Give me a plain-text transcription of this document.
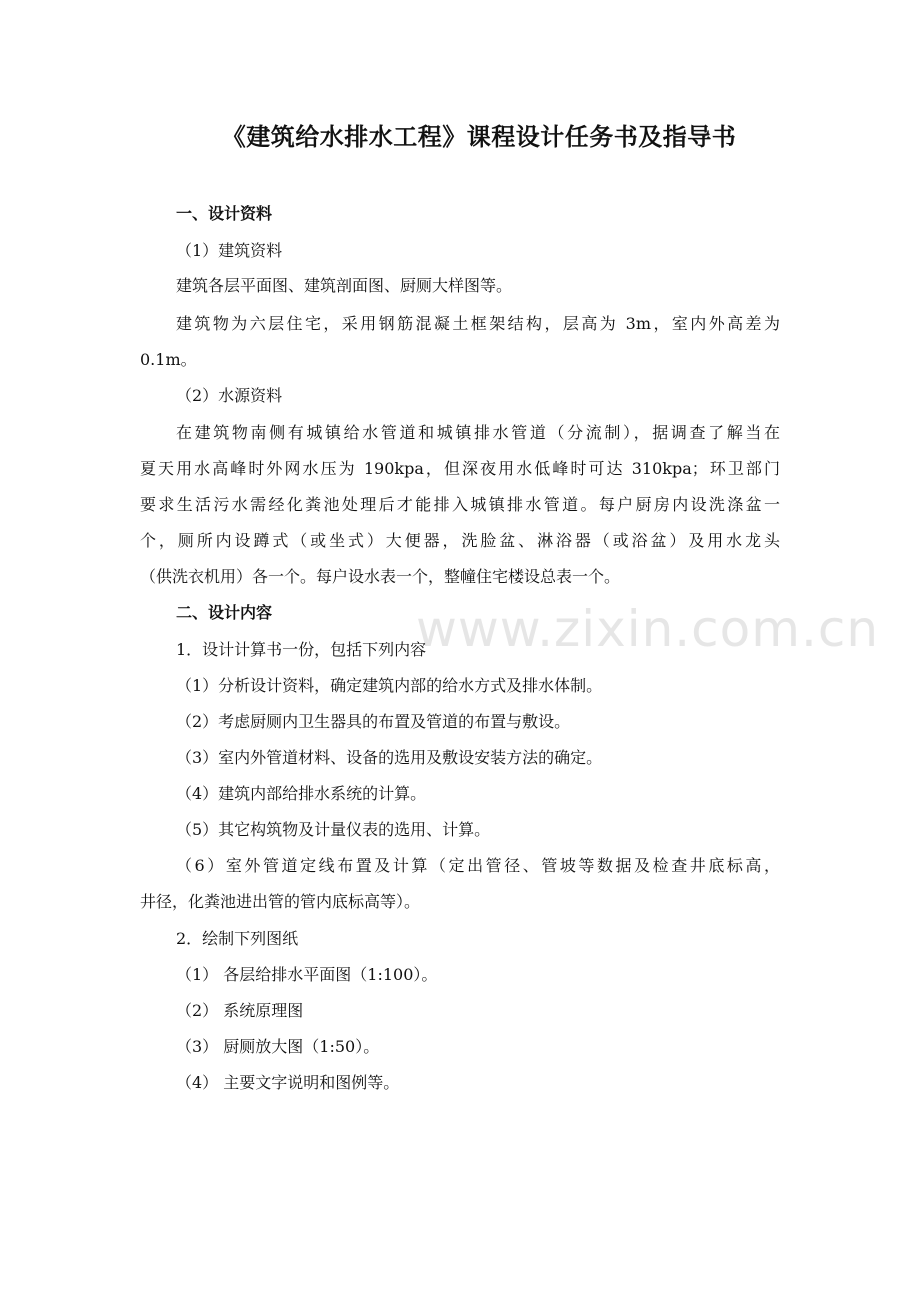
www.zixin.com.cn
《建筑给水排水工程》课程设计任务书及指导书
一、设计资料
（1）建筑资料
建筑各层平面图、建筑剖面图、厨厕大样图等。
建筑物为六层住宅，采用钢筋混凝土框架结构，层高为 3m，室内外高差为
0.1m。
（2）水源资料
在建筑物南侧有城镇给水管道和城镇排水管道（分流制），据调查了解当在
夏天用水高峰时外网水压为 190kpa，但深夜用水低峰时可达 310kpa；环卫部门
要求生活污水需经化粪池处理后才能排入城镇排水管道。每户厨房内设洗涤盆一
个，厕所内设蹲式（或坐式）大便器，洗脸盆、淋浴器（或浴盆）及用水龙头
（供洗衣机用）各一个。每户设水表一个，整幢住宅楼设总表一个。
二、设计内容
1．设计计算书一份，包括下列内容
（1）分析设计资料，确定建筑内部的给水方式及排水体制。
（2）考虑厨厕内卫生器具的布置及管道的布置与敷设。
（3）室内外管道材料、设备的选用及敷设安装方法的确定。
（4）建筑内部给排水系统的计算。
（5）其它构筑物及计量仪表的选用、计算。
（6）室外管道定线布置及计算（定出管径、管坡等数据及检查井底标高，
井径，化粪池进出管的管内底标高等）。
2．绘制下列图纸
（1） 各层给排水平面图（1:100）。
（2） 系统原理图
（3） 厨厕放大图（1:50）。
（4） 主要文字说明和图例等。
